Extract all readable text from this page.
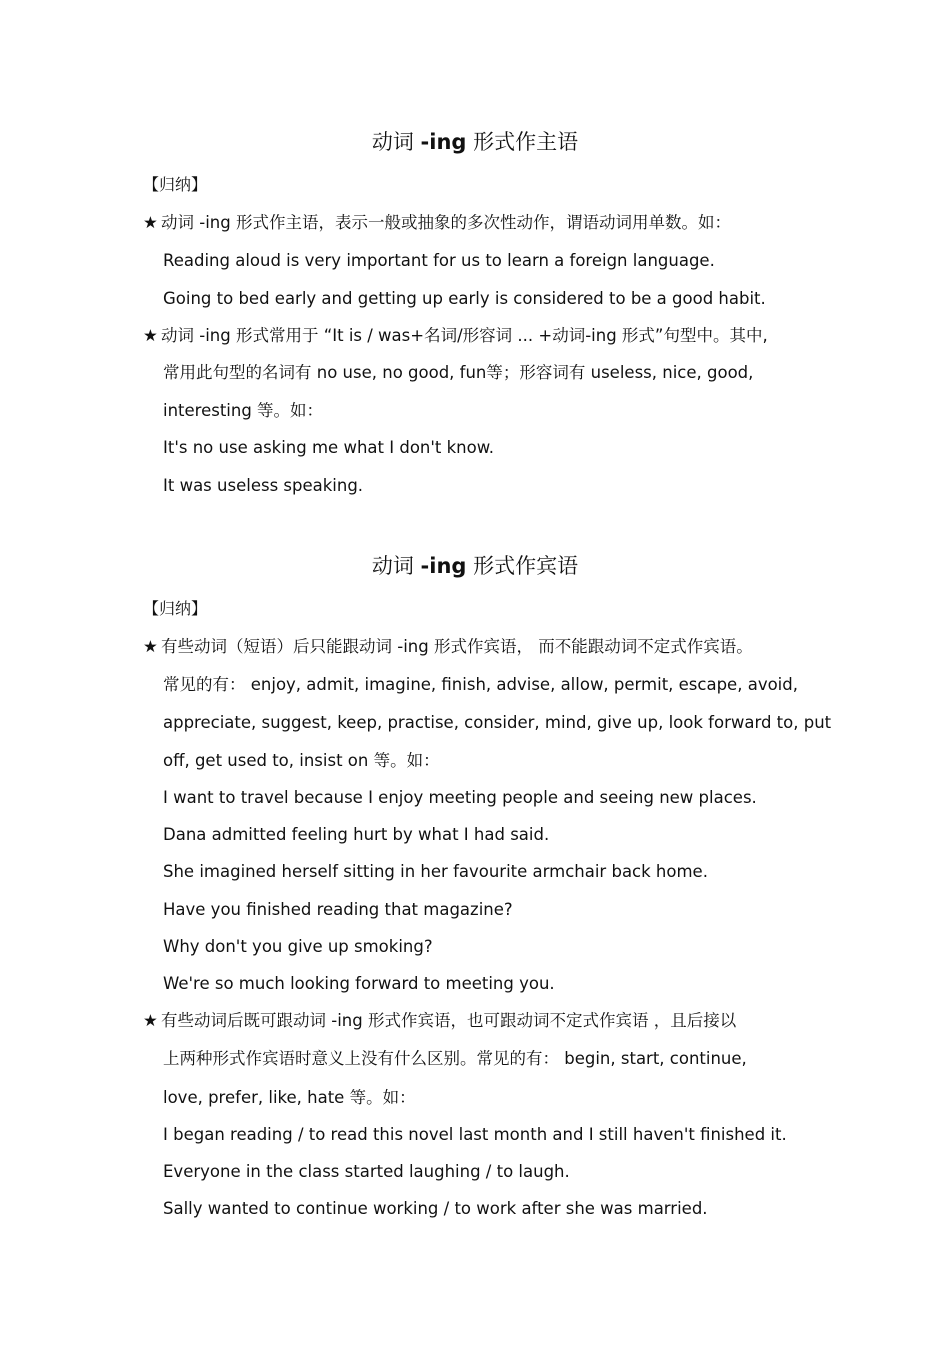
动词 -ing 形式作主语
【归纳】
★ 动词 -ing 形式作主语，表示一般或抽象的多次性动作，谓语动词用单数。如：
Reading aloud is very important for us to learn a foreign language.
Going to bed early and getting up early is considered to be a good habit.
★ 动词 -ing 形式常用于 “It is / was+名词/形容词 ... +动词-ing 形式”句型中。其中,
常用此句型的名词有 no use, no good, fun等；形容词有 useless, nice, good,
interesting 等。如：
It's no use asking me what I don't know.
It was useless speaking.
动词 -ing 形式作宾语
【归纳】
★ 有些动词（短语）后只能跟动词 -ing 形式作宾语， 而不能跟动词不定式作宾语。
常见的有： enjoy, admit, imagine, finish, advise, allow, permit, escape, avoid,
appreciate, suggest, keep, practise, consider, mind, give up, look forward to, put
off, get used to, insist on 等。如：
I want to travel because I enjoy meeting people and seeing new places.
Dana admitted feeling hurt by what I had said.
She imagined herself sitting in her favourite armchair back home.
Have you finished reading that magazine?
Why don't you give up smoking?
We're so much looking forward to meeting you.
★ 有些动词后既可跟动词 -ing 形式作宾语，也可跟动词不定式作宾语 ，且后接以
上两种形式作宾语时意义上没有什么区别。常见的有： begin, start, continue,
love, prefer, like, hate 等。如：
I began reading / to read this novel last month and I still haven't finished it.
Everyone in the class started laughing / to laugh.
Sally wanted to continue working / to work after she was married.
